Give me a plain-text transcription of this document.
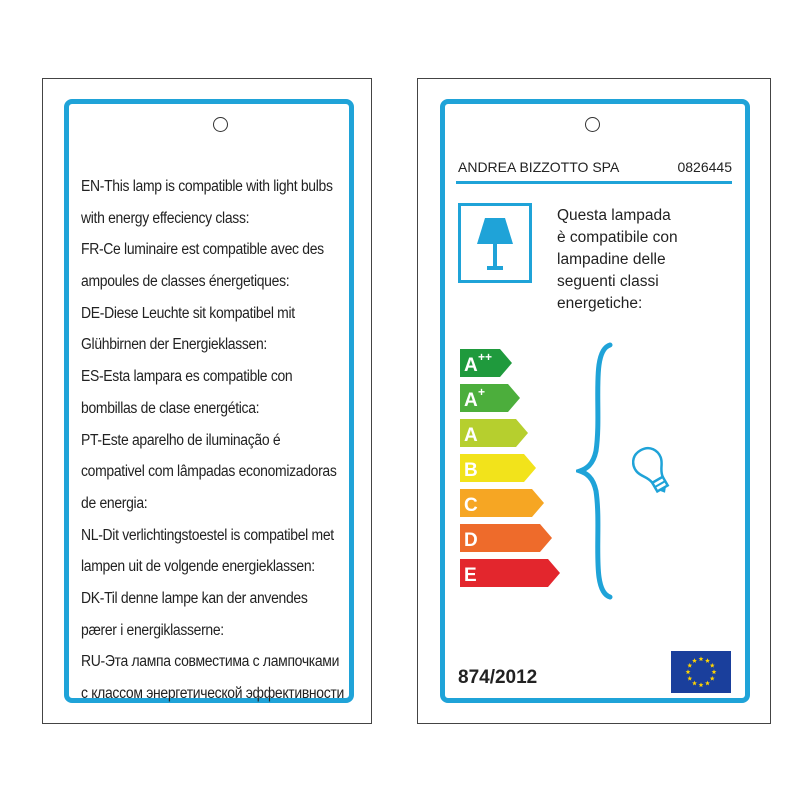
EN-This lamp is compatible with light bulbs
with energy effeciency class:
FR-Ce luminaire est compatible avec des
ampoules de classes énergetiques:
DE-Diese Leuchte sit kompatibel mit
Glühbirnen der Energieklassen:
ES-Esta lampara es compatible con
bombillas de clase energética:
PT-Este aparelho de iluminação é
compativel com lâmpadas economizadoras
de energia:
NL-Dit verlichtingstoestel is compatibel met
lampen uit de volgende energieklassen:
DK-Til denne lampe kan der anvendes
pærer i energiklasserne:
RU-Эта лампа совместима с лампочками
с классом энергетической эффективности
ANDREA BIZZOTTO SPA	0826445
Questa lampada
è compatibile con
lampadine delle
seguenti classi
energetiche:
A ++
A +
A
B
C
D
E
874/2012
